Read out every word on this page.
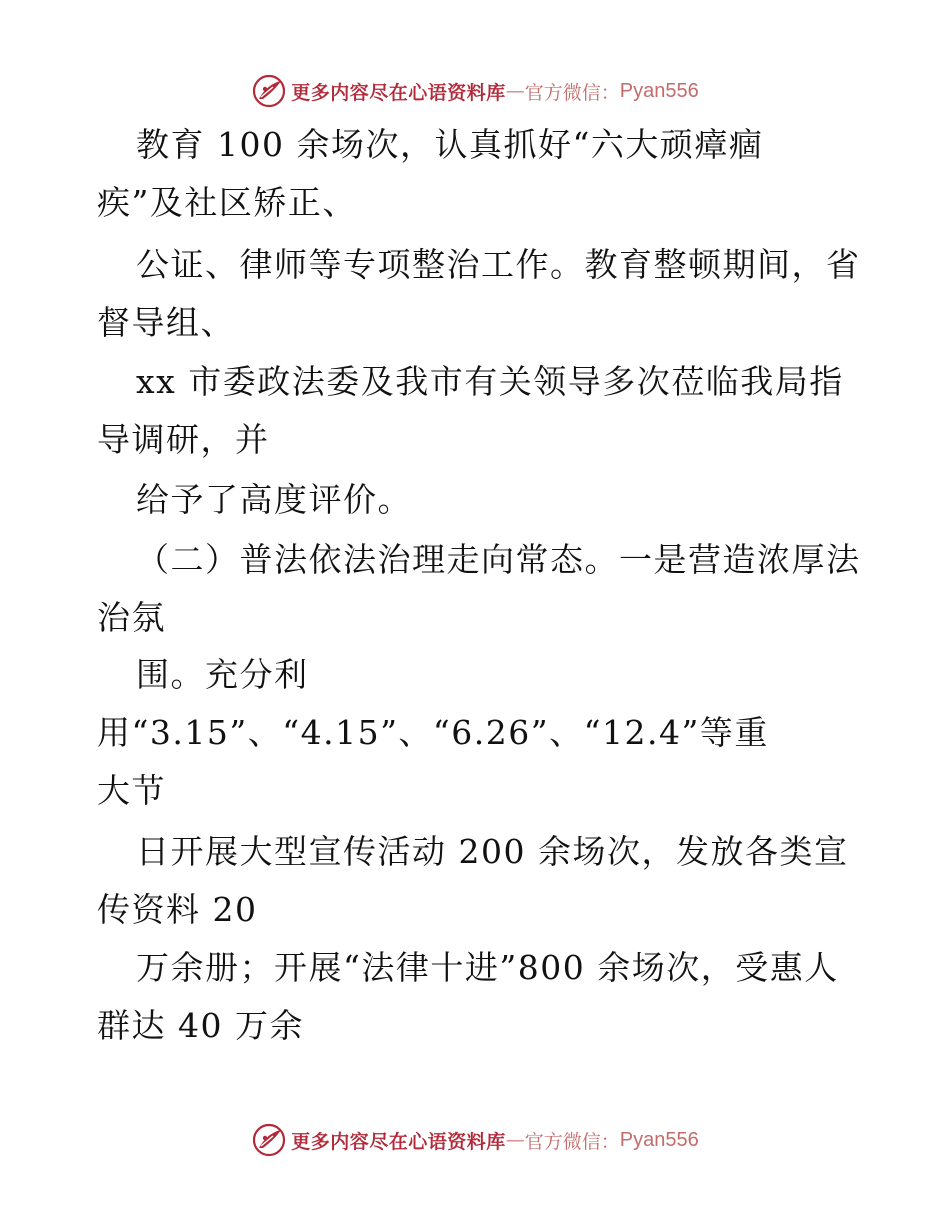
更多内容尽在心语资料库 — 官方微信： Pyan556
教育 100 余场次，认真抓好“六大顽瘴痼
疾”及社区矫正、
公证、律师等专项整治工作。教育整顿期间，省
督导组、
xx 市委政法委及我市有关领导多次莅临我局指
导调研，并
给予了高度评价。
（二）普法依法治理走向常态。一是营造浓厚法
治氛
围。充分利
用“3.15”、“4.15”、“6.26”、“12.4”等重
大节
日开展大型宣传活动 200 余场次，发放各类宣
传资料 20
万余册；开展“法律十进”800 余场次，受惠人
群达 40 万余
更多内容尽在心语资料库 — 官方微信： Pyan556
